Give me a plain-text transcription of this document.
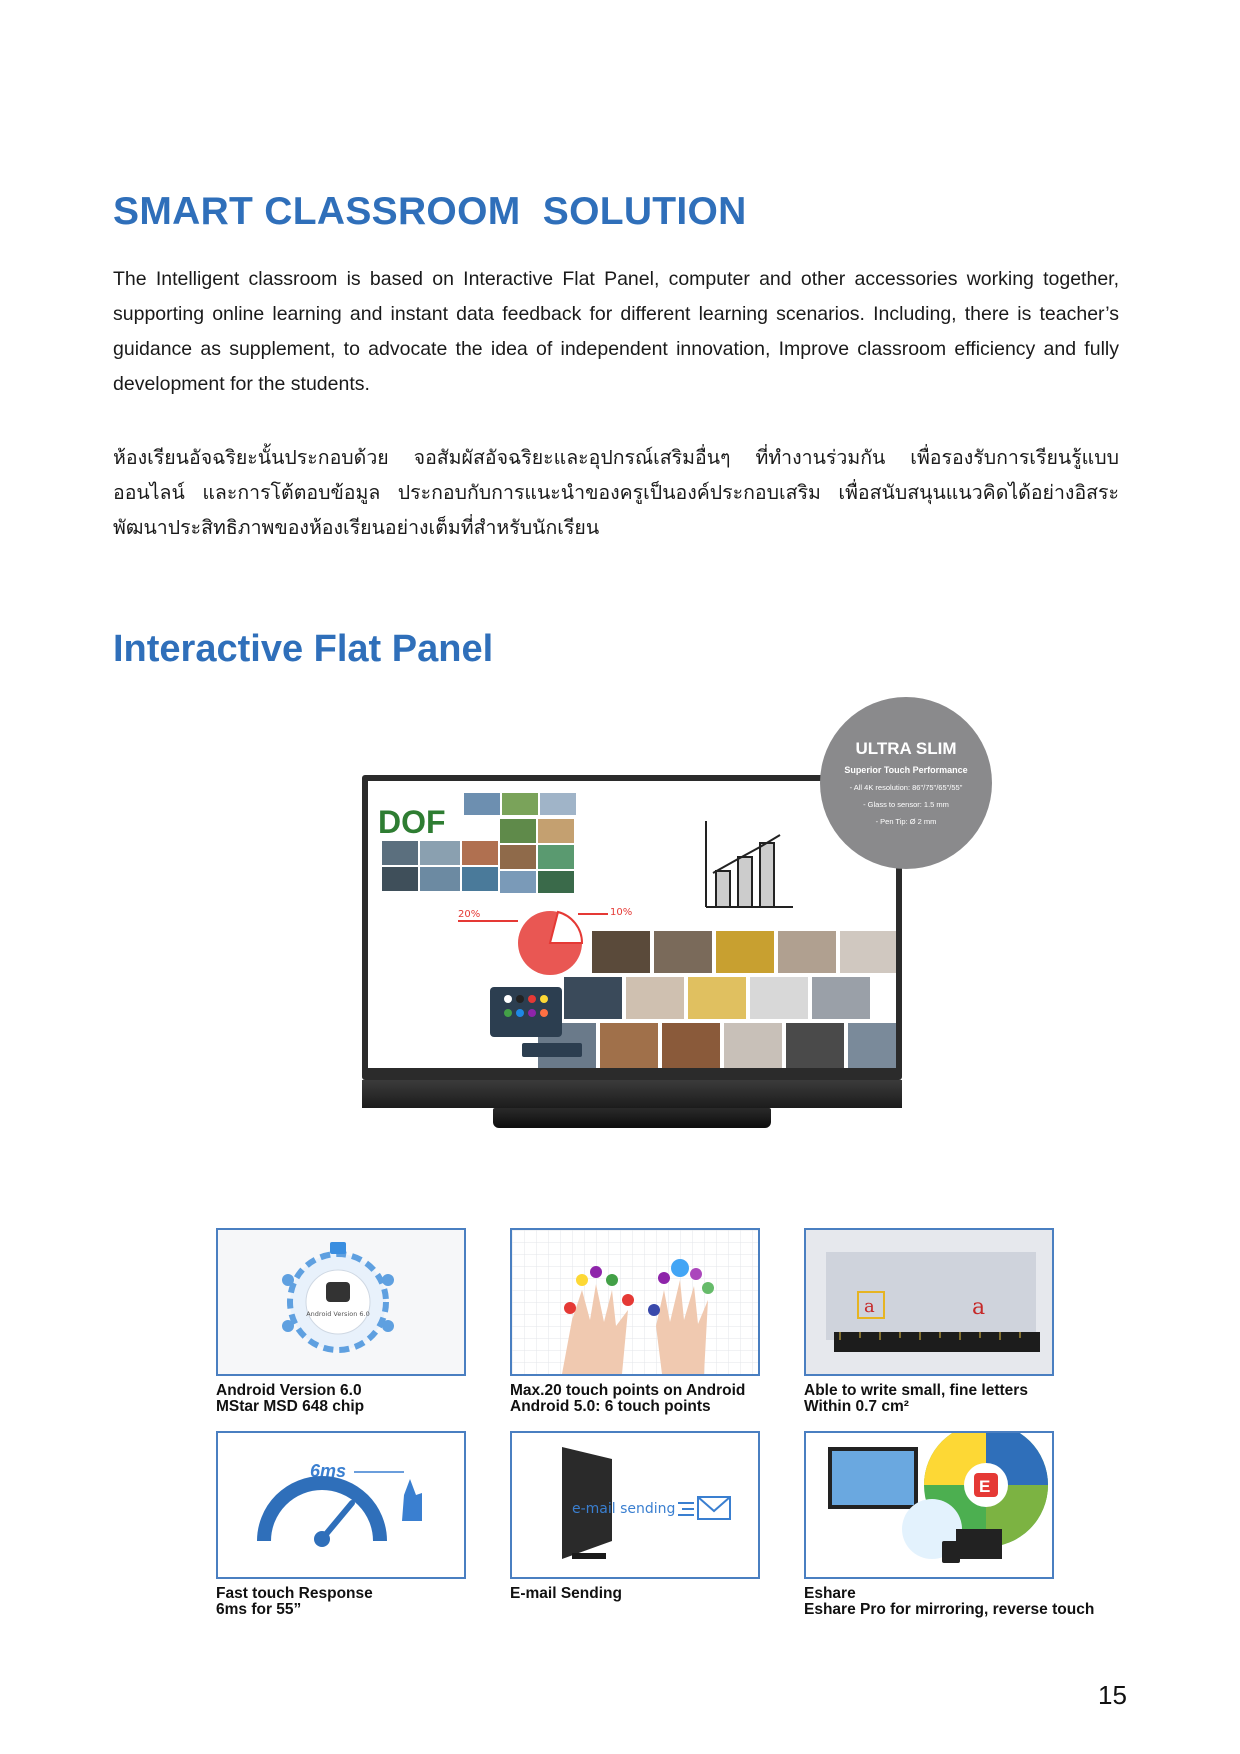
SMART CLASSROOM  SOLUTION

The Intelligent classroom is based on Interactive Flat Panel, computer and other accessories working together, supporting online learning and instant data feedback for different learning scenarios. Including, there is teacher’s guidance as supplement, to advocate the idea of independent innovation, Improve classroom efficiency and fully development for the students.

ห้องเรียนอัจฉริยะนั้นประกอบด้วย จอสัมผัสอัจฉริยะและอุปกรณ์เสริมอื่นๆ ที่ทำงานร่วมกัน เพื่อรองรับการเรียนรู้แบบออนไลน์ และการโต้ตอบข้อมูล ประกอบกับการแนะนำของครูเป็นองค์ประกอบเสริม เพื่อสนับสนุนแนวคิดได้อย่างอิสระ พัฒนาประสิทธิภาพของห้องเรียนอย่างเต็มที่สำหรับนักเรียน

Interactive Flat Panel
DOF
20%	10%
ULTRA SLIM
Superior Touch Performance
- All 4K resolution: 86"/75"/65"/55"
- Glass to sensor: 1.5 mm
- Pen Tip: Ø 2 mm
Android Version 6.0
Android Version 6.0
MStar MSD 648 chip
Max.20 touch points on Android
Android 5.0: 6 touch points
a	a
Able to write small, fine letters
Within 0.7 cm²
6ms
Fast touch Response
6ms for 55”
e-mail sending
E-mail Sending
E
Eshare
Eshare Pro for mirroring, reverse touch
15
